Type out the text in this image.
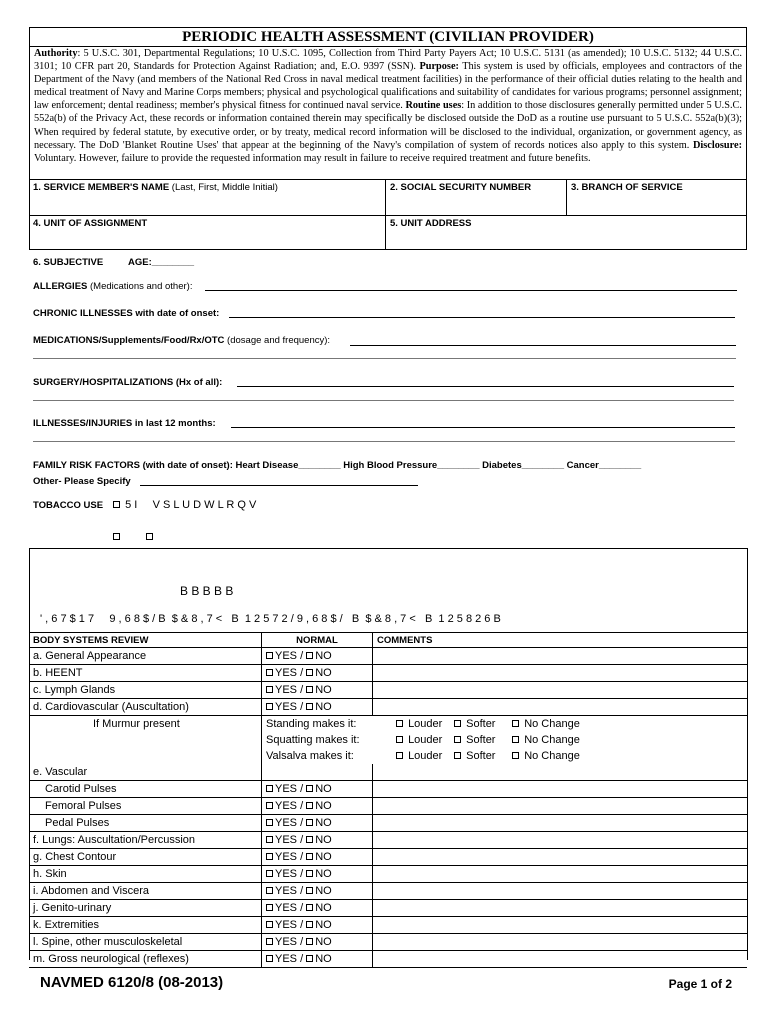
PERIODIC HEALTH ASSESSMENT (CIVILIAN PROVIDER)
Authority: 5 U.S.C. 301, Departmental Regulations; 10 U.S.C. 1095, Collection from Third Party Payers Act; 10 U.S.C. 5131 (as amended); 10 U.S.C. 5132; 44 U.S.C. 3101; 10 CFR part 20, Standards for Protection Against Radiation; and, E.O. 9397 (SSN). Purpose: This system is used by officials, employees and contractors of the Department of the Navy (and members of the National Red Cross in naval medical treatment facilities) in the performance of their official duties relating to the health and medical treatment of Navy and Marine Corps members; physical and psychological qualifications and suitability of candidates for various programs; personnel assignment; law enforcement; dental readiness; member's physical fitness for continued naval service. Routine uses: In addition to those disclosures generally permitted under 5 U.S.C. 552a(b) of the Privacy Act, these records or information contained therein may specifically be disclosed outside the DoD as a routine use pursuant to 5 U.S.C. 552a(b)(3); When required by federal statute, by executive order, or by treaty, medical record information will be disclosed to the individual, organization, or government agency, as necessary. The DoD 'Blanket Routine Uses' that appear at the beginning of the Navy's compilation of system of records notices also apply to this system. Disclosure: Voluntary. However, failure to provide the requested information may result in failure to receive required treatment and future benefits.
1. SERVICE MEMBER'S NAME (Last, First, Middle Initial)	2. SOCIAL SECURITY NUMBER	3. BRANCH OF SERVICE
4. UNIT OF ASSIGNMENT	5. UNIT ADDRESS
6. SUBJECTIVE	AGE:________
ALLERGIES (Medications and other):
CHRONIC ILLNESSES with date of onset:
MEDICATIONS/Supplements/Food/Rx/OTC (dosage and frequency):
SURGERY/HOSPITALIZATIONS (Hx of all):
ILLNESSES/INJURIES in last 12 months:
FAMILY RISK FACTORS (with date of onset): Heart Disease________ High Blood Pressure________ Diabetes________ Cancer________
Other- Please Specify
TOBACCO USE	5 I     V S L U D W L R Q V
B B B B B
' , 6 7 $ 1 7     9 , 6 8 $ / B $ & 8 , 7 <   B 1 2 5 7 2 / 9 , 6 8 $ /   B $ & 8 , 7 <   B 1 2 5 8 2 6 B
BODY SYSTEMS REVIEW	NORMAL	COMMENTS
a. General Appearance	YES / NO	
b. HEENT	YES / NO	
c. Lymph Glands	YES / NO	
d. Cardiovascular (Auscultation)	YES / NO	
If Murmur present	Standing makes it: Louder Softer No Change	
	Squatting makes it: Louder Softer No Change	
	Valsalva makes it: Louder Softer No Change	
e. Vascular		
Carotid Pulses	YES / NO	
Femoral Pulses	YES / NO	
Pedal Pulses	YES / NO	
f. Lungs: Auscultation/Percussion	YES / NO	
g. Chest Contour	YES / NO	
h. Skin	YES / NO	
i. Abdomen and Viscera	YES / NO	
j. Genito-urinary	YES / NO	
k. Extremities	YES / NO	
l. Spine, other musculoskeletal	YES / NO	
m. Gross neurological (reflexes)	YES / NO	
NAVMED 6120/8 (08-2013)	Page 1 of 2
